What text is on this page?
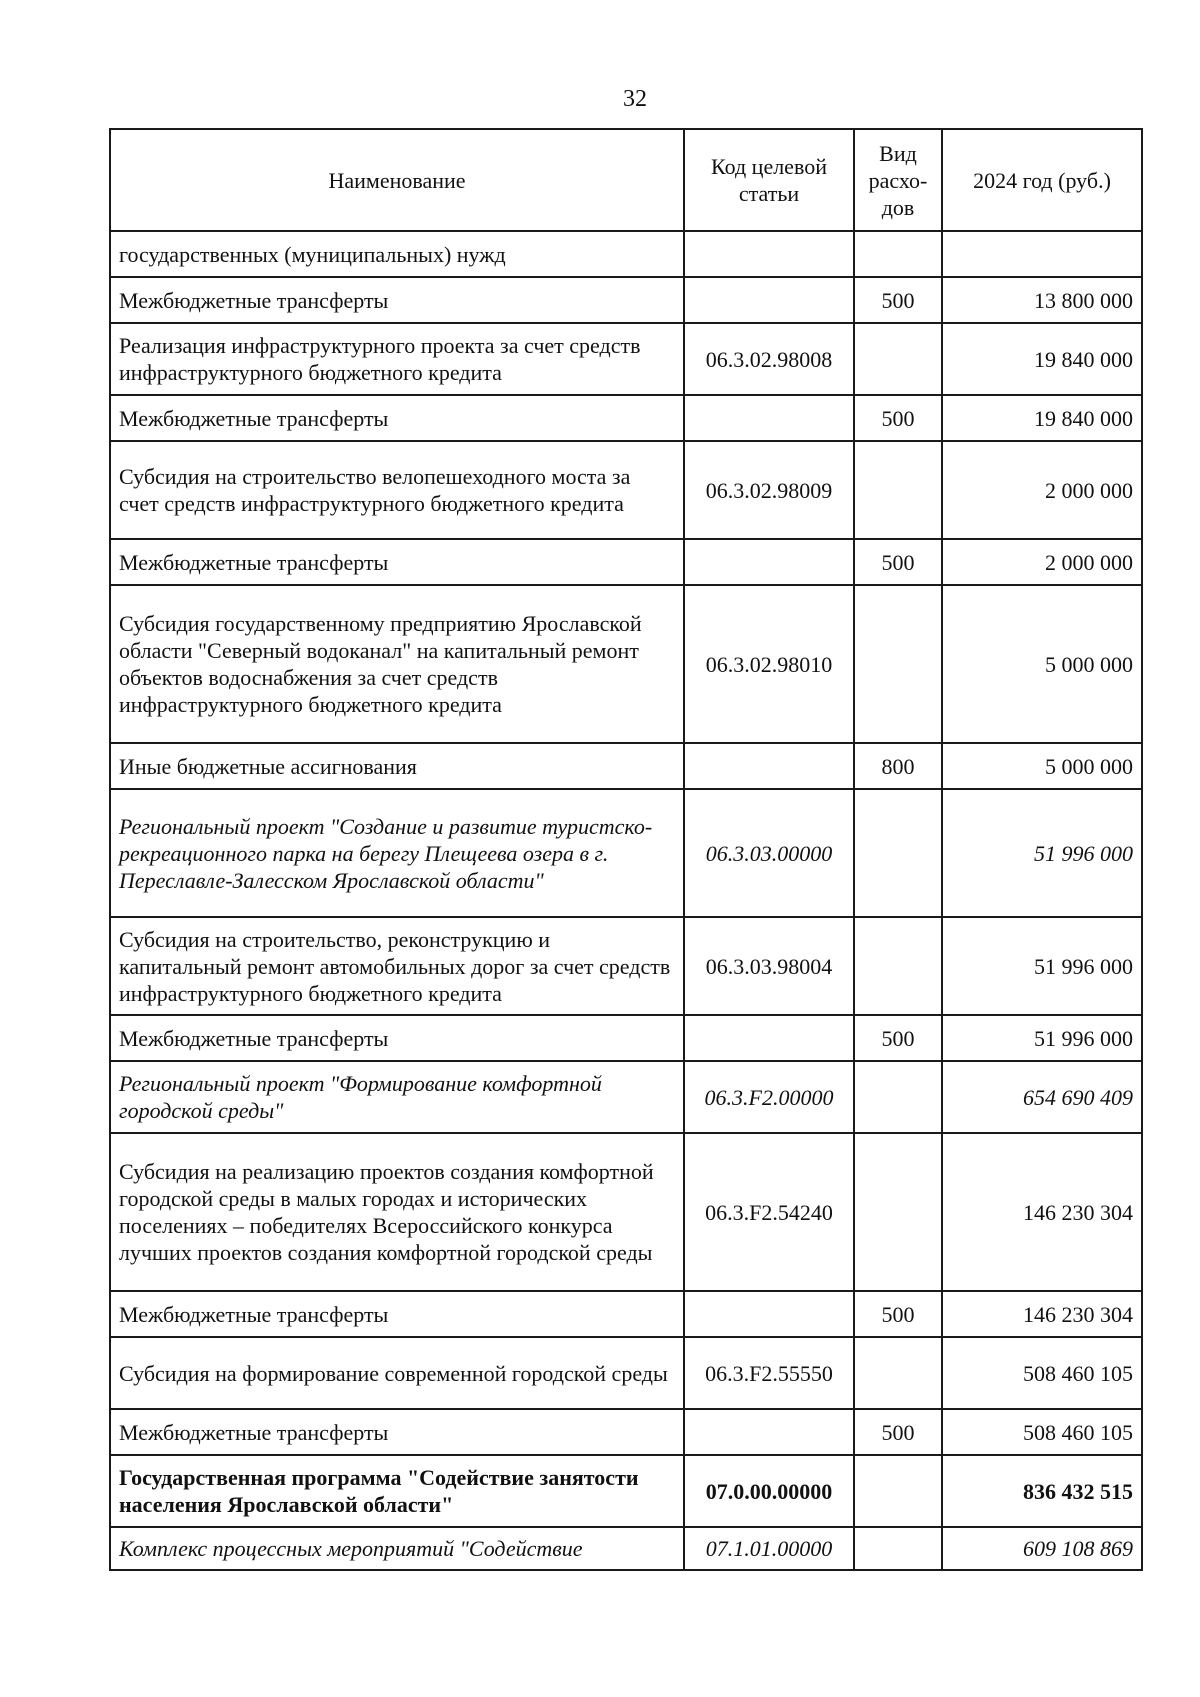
32
Наименование	Код целевой статьи	Вид расхо-дов	2024 год (руб.)
государственных (муниципальных) нужд			
Межбюджетные трансферты		500	13 800 000
Реализация инфраструктурного проекта за счет средств инфраструктурного бюджетного кредита	06.3.02.98008		19 840 000
Межбюджетные трансферты		500	19 840 000
Субсидия на строительство велопешеходного моста за счет средств инфраструктурного бюджетного кредита	06.3.02.98009		2 000 000
Межбюджетные трансферты		500	2 000 000
Субсидия государственному предприятию Ярославской области "Северный водоканал" на капитальный ремонт объектов водоснабжения за счет средств инфраструктурного бюджетного кредита	06.3.02.98010		5 000 000
Иные бюджетные ассигнования		800	5 000 000
Региональный проект "Создание и развитие туристско-рекреационного парка на берегу Плещеева озера в г. Переславле-Залесском Ярославской области"	06.3.03.00000		51 996 000
Субсидия на строительство, реконструкцию и капитальный ремонт автомобильных дорог за счет средств инфраструктурного бюджетного кредита	06.3.03.98004		51 996 000
Межбюджетные трансферты		500	51 996 000
Региональный проект "Формирование комфортной городской среды"	06.3.F2.00000		654 690 409
Субсидия на реализацию проектов создания комфортной городской среды в малых городах и исторических поселениях – победителях Всероссийского конкурса лучших проектов создания комфортной городской среды	06.3.F2.54240		146 230 304
Межбюджетные трансферты		500	146 230 304
Субсидия на формирование современной городской среды	06.3.F2.55550		508 460 105
Межбюджетные трансферты		500	508 460 105
Государственная программа "Содействие занятости населения Ярославской области"	07.0.00.00000		836 432 515
Комплекс процессных мероприятий "Содействие	07.1.01.00000		609 108 869
